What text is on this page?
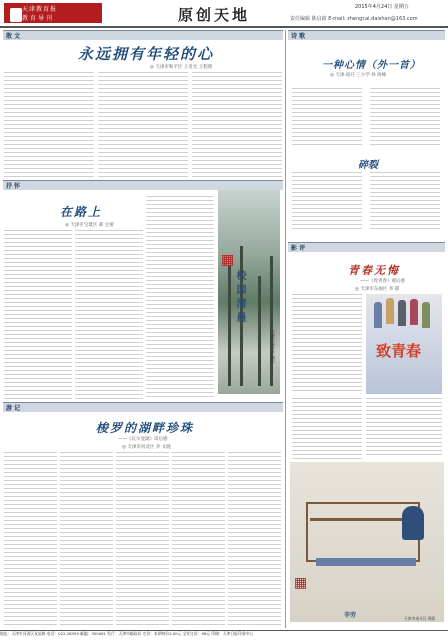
天津教育报
教育导刊	原创天地	2015年4月24日 星期五
责任编辑 陈启政 E-mail: zhengcai.daishan@163.com
散 文
永远拥有年轻的心
◎ 天津市和平区 王奇光 王程现
抒 怀
在路上
◎ 天津市宝坻区 郝 宝蕾
▦
校园清晨
天津市南开区 摄影
游 记
梭罗的湖畔珍珠
——《瓦尔登湖》读后感
◎ 天津市河北区 李 文晓
诗 歌
一种心情（外一首）
◎ 天津·南开 三小学 孙 海峰
碎裂
影 评
青春无悔
——《致青春》观后感
◎ 天津市东丽区 李 郁
致青春
▦
辛劳	天津市南开区 摄影
地址：天津市河西区友谊路 电话：022-28359 邮编：300061 发行：天津市邮政局 定价：本期每份1.00元 全年订价：96元 印刷：天津日报印务中心
